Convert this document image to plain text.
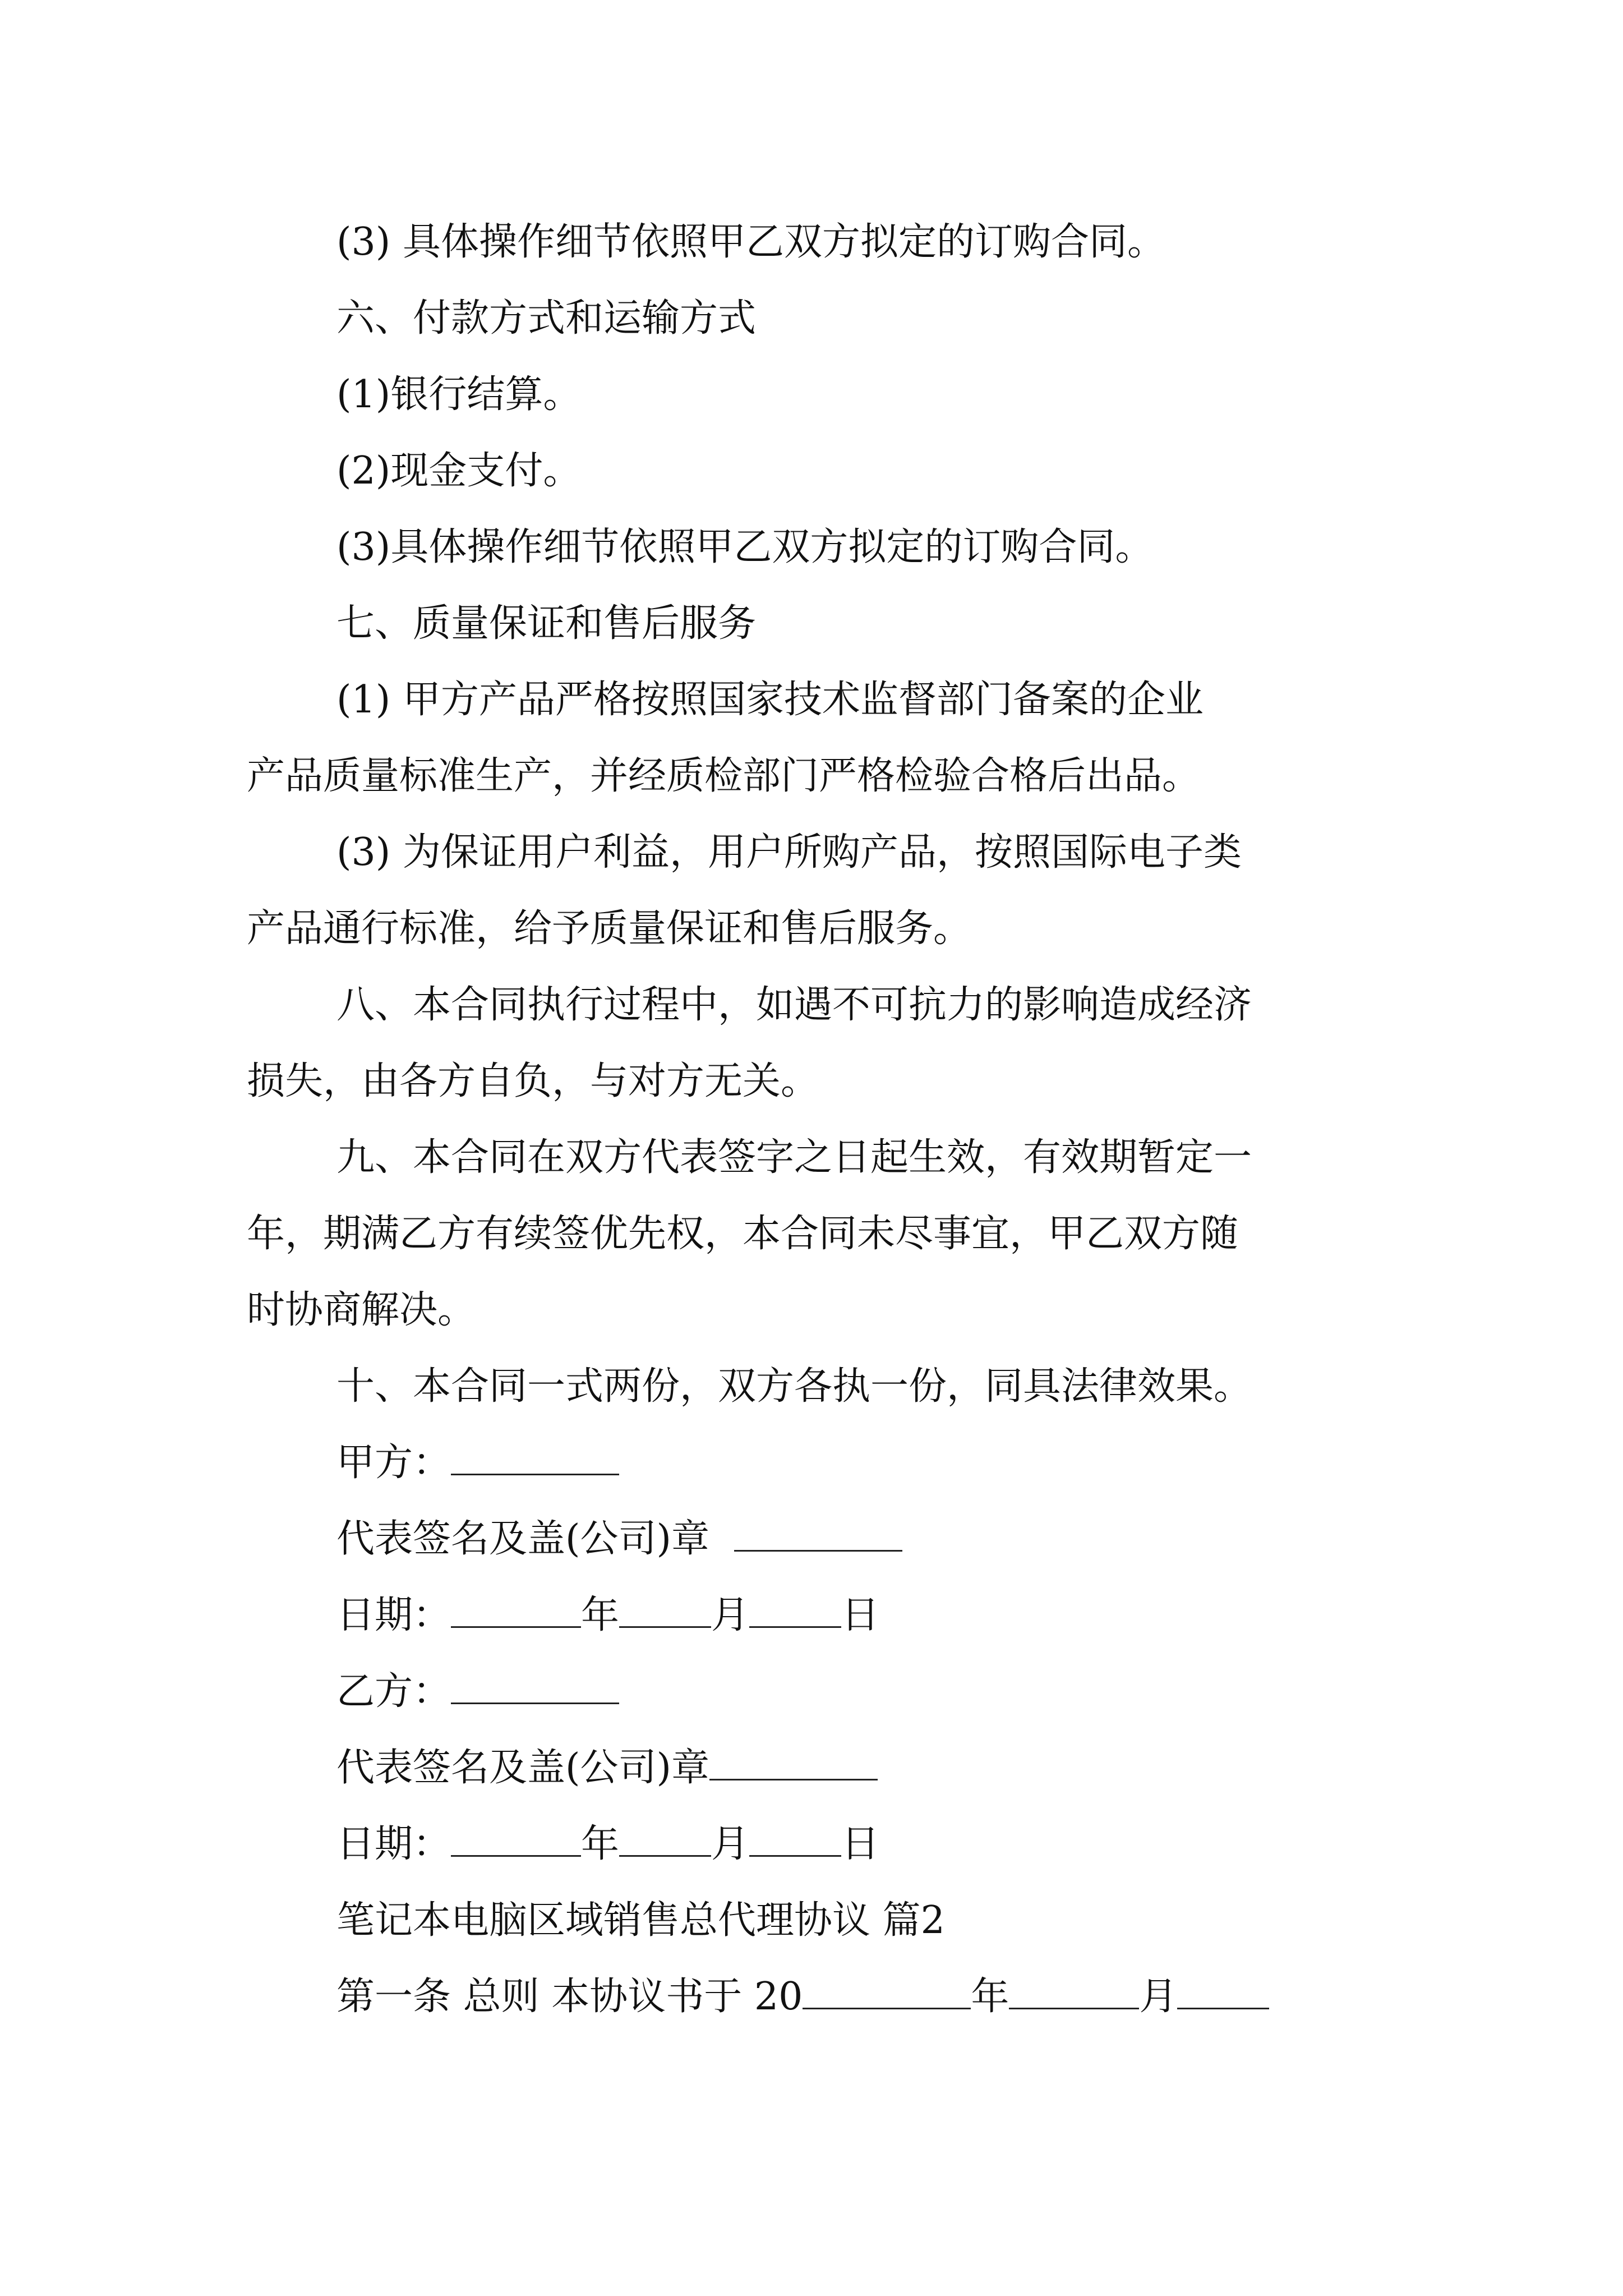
(3) 具体操作细节依照甲乙双方拟定的订购合同。
六、付款方式和运输方式
(1)银行结算。
(2)现金支付。
(3)具体操作细节依照甲乙双方拟定的订购合同。
七、质量保证和售后服务
(1) 甲方产品严格按照国家技术监督部门备案的企业
产品质量标准生产，并经质检部门严格检验合格后出品。
(3) 为保证用户利益，用户所购产品，按照国际电子类
产品通行标准，给予质量保证和售后服务。
八、本合同执行过程中，如遇不可抗力的影响造成经济
损失，由各方自负，与对方无关。
九、本合同在双方代表签字之日起生效，有效期暂定一
年，期满乙方有续签优先权，本合同未尽事宜，甲乙双方随
时协商解决。
十、本合同一式两份，双方各执一份，同具法律效果。
甲方：
代表签名及盖(公司)章
日期：	年 月 日
乙方：
代表签名及盖(公司)章
日期：	年 月 日
笔记本电脑区域销售总代理协议 篇2
第一条 总则 本协议书于 20	年	月
